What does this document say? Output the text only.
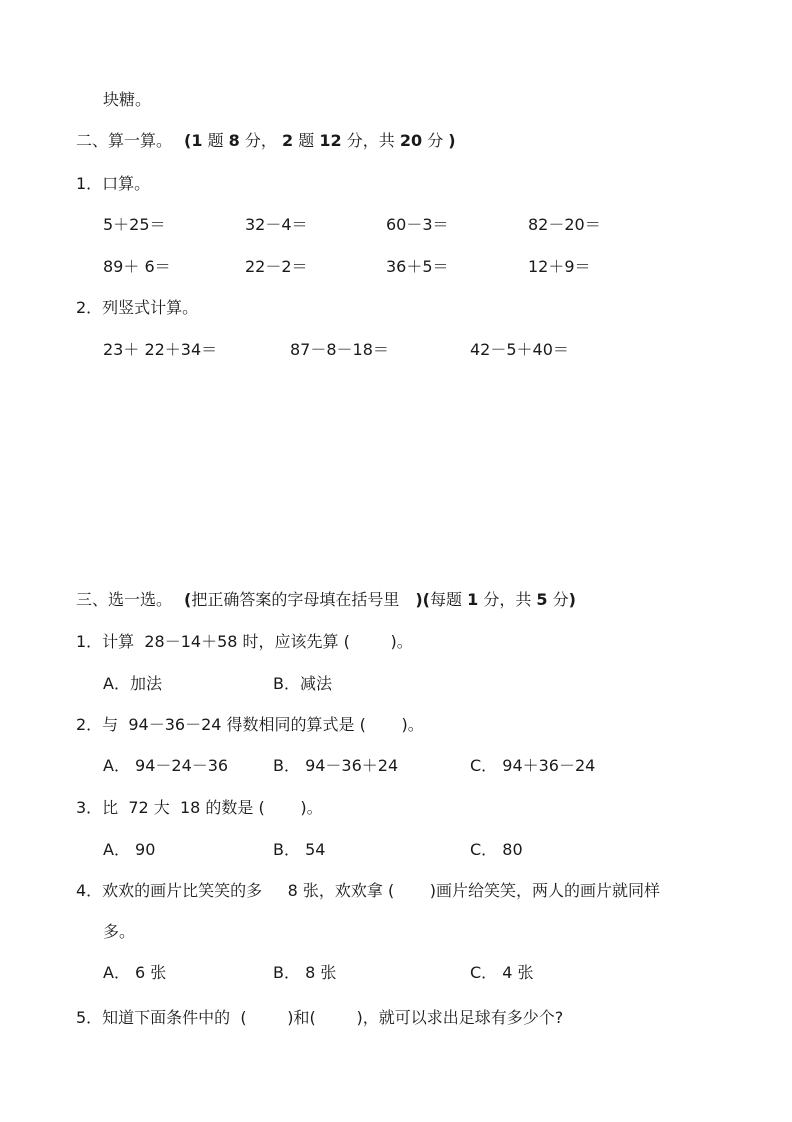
块糖。
二、算一算。 (1 题 8 分， 2 题 12 分，共 20 分 )
1．口算。
5＋25＝	32－4＝	60－3＝	82－20＝
89＋ 6＝	22－2＝	36＋5＝	12＋9＝
2．列竖式计算。
23＋ 22＋34＝	87－8－18＝	42－5＋40＝
三、选一选。 (把正确答案的字母填在括号里 )(每题 1 分，共 5 分)
1．计算  28－14＋58 时，应该先算 (        )。
A．加法	B．减法
2．与  94－36－24 得数相同的算式是 (       )。
A． 94－24－36	B． 94－36＋24	C． 94＋36－24
3．比  72 大  18 的数是 (       )。
A． 90	B． 54	C． 80
4．欢欢的画片比笑笑的多     8 张，欢欢拿 (       )画片给笑笑，两人的画片就同样
多。
A． 6 张	B． 8 张	C． 4 张
5．知道下面条件中的  (        )和(        )，就可以求出足球有多少个?
